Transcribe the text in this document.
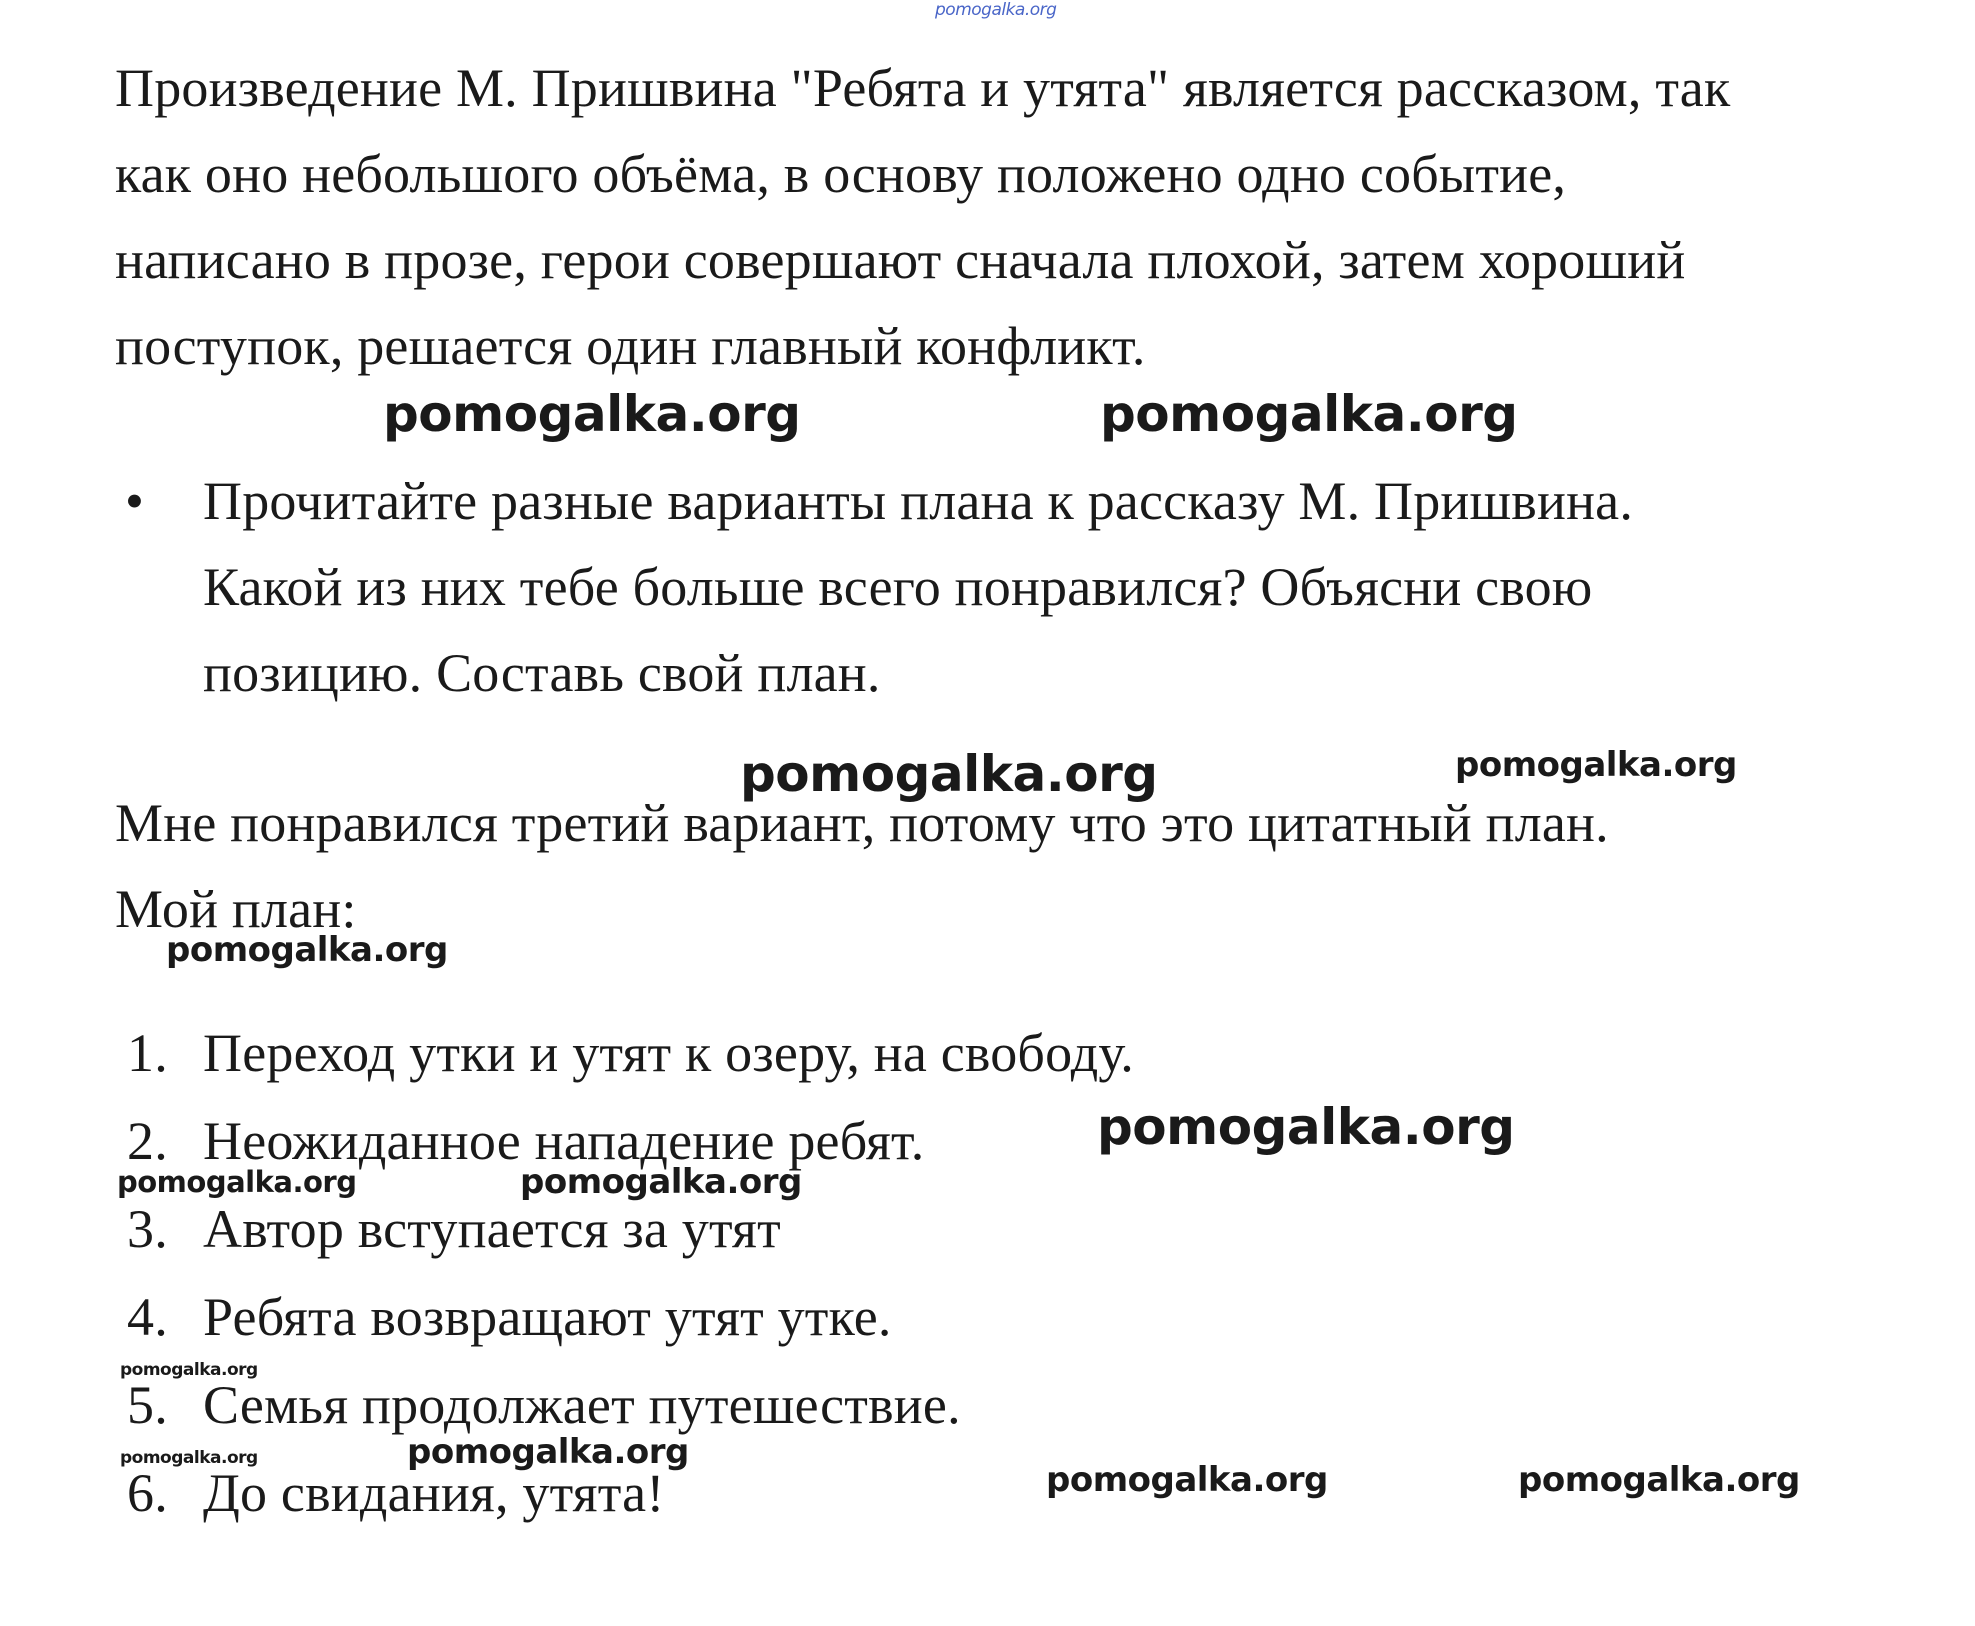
pomogalka.org

Произведение М. Пришвина "Ребята и утята" является рассказом, так
как оно небольшого объёма, в основу положено одно событие,
написано в прозе, герои совершают сначала плохой, затем хороший
поступок, решается один главный конфликт.

pomogalka.org	pomogalka.org
• Прочитайте разные варианты плана к рассказу М. Пришвина.
Какой из них тебе больше всего понравился? Объясни свою
позицию. Составь свой план.
Мне понравился третий вариант, потому что это цитатный план.
Мой план:
pomogalka.org	pomogalka.org
pomogalka.org
1. Переход утки и утят к озеру, на свободу.
2. Неожиданное нападение ребят.
3. Автор вступается за утят
4. Ребята возвращают утят утке.
5. Семья продолжает путешествие.
6. До свидания, утята!
pomogalka.org
pomogalka.org	pomogalka.org
pomogalka.org
pomogalka.org	pomogalka.org
pomogalka.org	pomogalka.org
